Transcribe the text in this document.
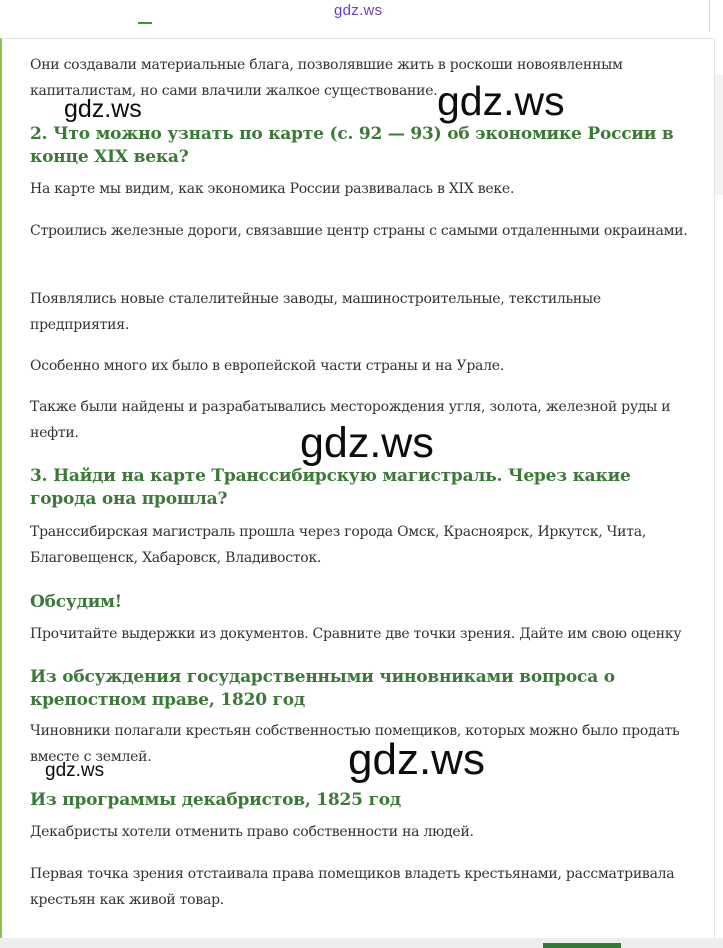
gdz.ws

Они создавали материальные блага, позволявшие жить в роскоши новоявленным капиталистам, но сами влачили жалкое существование.

2. Что можно узнать по карте (с. 92 — 93) об экономике России в конце XIX века?

На карте мы видим, как экономика России развивалась в XIX веке.

Строились железные дороги, связавшие центр страны с самыми отдаленными окраинами.

Появлялись новые сталелитейные заводы, машиностроительные, текстильные предприятия.

Особенно много их было в европейской части страны и на Урале.

Также были найдены и разрабатывались месторождения угля, золота, железной руды и нефти.

3. Найди на карте Транссибирскую магистраль. Через какие города она прошла?

Транссибирская магистраль прошла через города Омск, Красноярск, Иркутск, Чита, Благовещенск, Хабаровск, Владивосток.

Обсудим!

Прочитайте выдержки из документов. Сравните две точки зрения. Дайте им свою оценку

Из обсуждения государственными чиновниками вопроса о крепостном праве, 1820 год

Чиновники полагали крестьян собственностью помещиков, которых можно было продать вместе с землей.

Из программы декабристов, 1825 год

Декабристы хотели отменить право собственности на людей.

Первая точка зрения отстаивала права помещиков владеть крестьянами, рассматривала крестьян как живой товар.

gdz.ws	gdz.ws
gdz.ws
gdz.ws
gdz.ws
